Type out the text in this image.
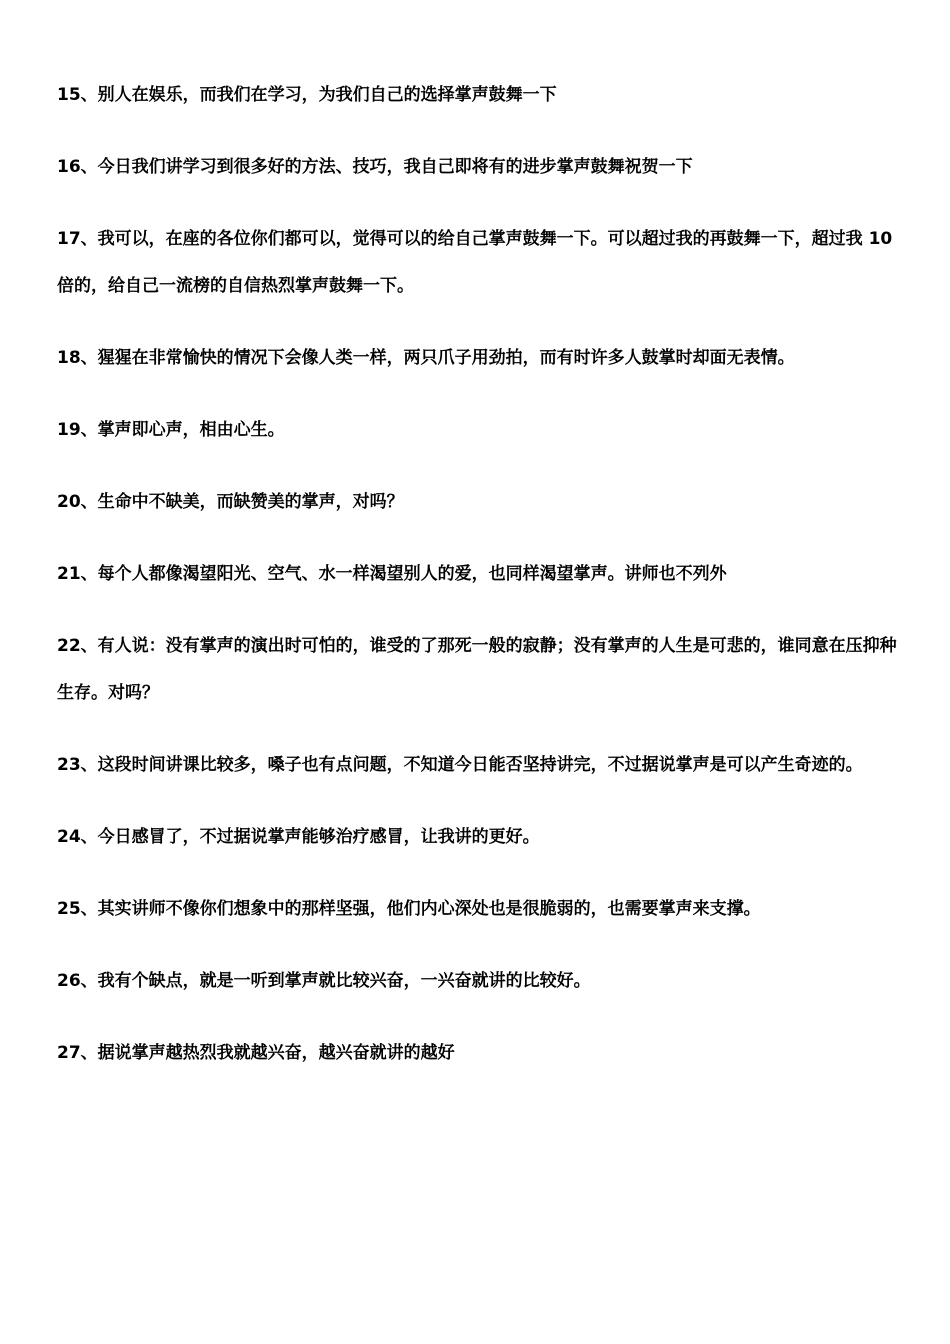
15、别人在娱乐，而我们在学习，为我们自己的选择掌声鼓舞一下
16、今日我们讲学习到很多好的方法、技巧，我自己即将有的进步掌声鼓舞祝贺一下
17、我可以，在座的各位你们都可以，觉得可以的给自己掌声鼓舞一下。可以超过我的再鼓舞一下，超过我 10 倍的，给自己一流榜的自信热烈掌声鼓舞一下。
18、猩猩在非常愉快的情况下会像人类一样，两只爪子用劲拍，而有时许多人鼓掌时却面无表情。
19、掌声即心声，相由心生。
20、生命中不缺美，而缺赞美的掌声，对吗？
21、每个人都像渴望阳光、空气、水一样渴望别人的爱，也同样渴望掌声。讲师也不列外
22、有人说：没有掌声的演出时可怕的，谁受的了那死一般的寂静；没有掌声的人生是可悲的，谁同意在压抑种生存。对吗？
23、这段时间讲课比较多，嗓子也有点问题，不知道今日能否坚持讲完，不过据说掌声是可以产生奇迹的。
24、今日感冒了，不过据说掌声能够治疗感冒，让我讲的更好。
25、其实讲师不像你们想象中的那样坚强，他们内心深处也是很脆弱的，也需要掌声来支撑。
26、我有个缺点，就是一听到掌声就比较兴奋，一兴奋就讲的比较好。
27、据说掌声越热烈我就越兴奋，越兴奋就讲的越好
